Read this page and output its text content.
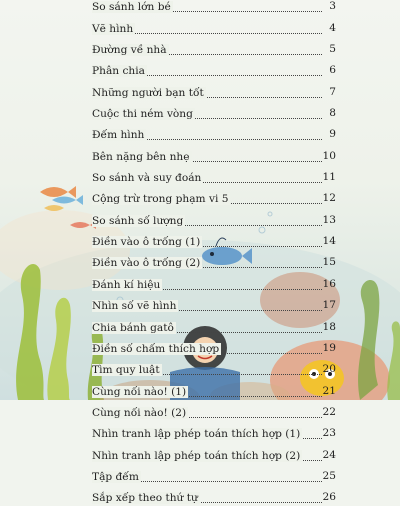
So sánh lớn bé	3
Vẽ hình	4
Đường về nhà	5
Phân chia	6
Những người bạn tốt	7
Cuộc thi ném vòng	8
Đếm hình	9
Bên nặng bên nhẹ	10
So sánh và suy đoán	11
Cộng trừ trong phạm vi 5	12
So sánh số lượng	13
Điền vào ô trống (1)	14
Điền vào ô trống (2)	15
Đánh kí hiệu	16
Nhìn số vẽ hình	17
Chia bánh gatô	18
Điền số chấm thích hợp	19
Tìm quy luật	20
Cùng nối nào! (1)	21
Cùng nối nào! (2)	22
Nhìn tranh lập phép toán thích hợp (1) 23
Nhìn tranh lập phép toán thích hợp (2) 24
Tập đếm	25
Sắp xếp theo thứ tự	26
